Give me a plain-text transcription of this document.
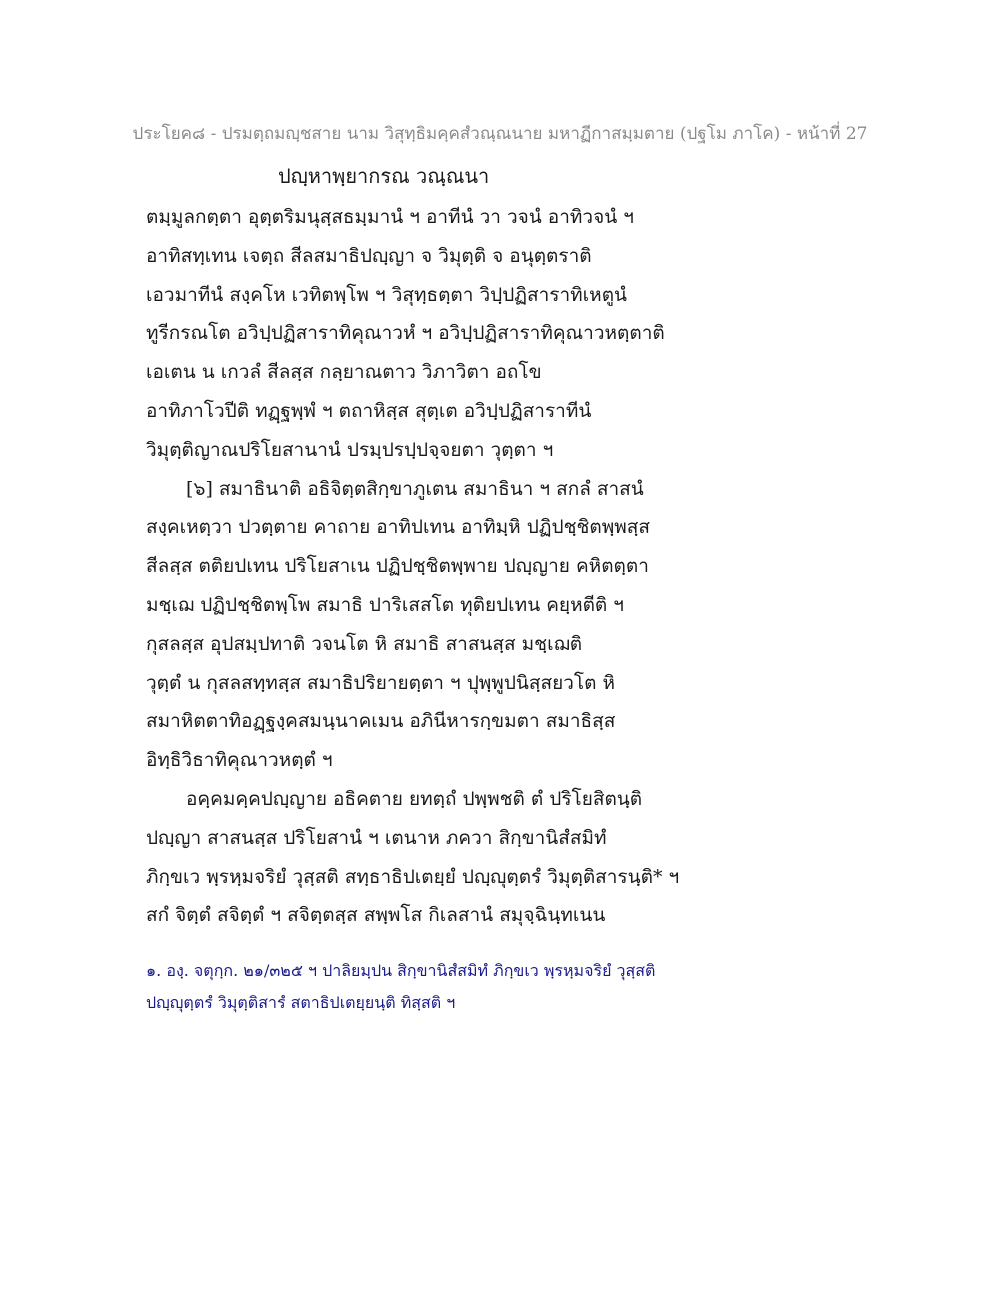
ประโยค๘ - ปรมตฺถมญฺชสาย นาม วิสุทฺธิมคฺคสํวณฺณนาย มหาฏีกาสมฺมตาย (ปฐโม ภาโค) - หน้าที่ 27
ปญฺหาพฺยากรณ วณฺณนา
ตมฺมูลกตฺตา อุตฺตริมนุสฺสธมฺมานํ ฯ อาทีนํ วา วจนํ อาทิวจนํ ฯ
อาทิสทฺเทน เจตฺถ สีลสมาธิปญฺญา จ วิมุตฺติ จ อนุตฺตราติ
เอวมาทีนํ สงฺคโห เวทิตพฺโพ ฯ วิสุทฺธตฺตา วิปฺปฏิสาราทิเหตูนํ
ทูรีกรณโต อวิปฺปฏิสาราทิคุณาวหํ ฯ อวิปฺปฏิสาราทิคุณาวหตฺตาติ
เอเตน น เกวลํ สีลสฺส กลฺยาณตาว วิภาวิตา อถโข
อาทิภาโวปีติ ทฏฺฐพฺพํ ฯ ตถาหิสฺส สุตฺเต อวิปฺปฏิสาราทีนํ
วิมุตฺติญาณปริโยสานานํ ปรมฺปรปฺปจฺจยตา วุตฺตา ฯ
[๖] สมาธินาติ อธิจิตฺตสิกฺขาภูเตน สมาธินา ฯ สกลํ สาสนํ
สงฺคเหตฺวา ปวตฺตาย คาถาย อาทิปเทน อาทิมฺหิ ปฏิปชฺชิตพฺพสฺส
สีลสฺส ตติยปเทน ปริโยสาเน ปฏิปชฺชิตพฺพาย ปญฺญาย คหิตตฺตา
มชฺเฌ ปฏิปชฺชิตพฺโพ สมาธิ ปาริเสสโต ทุติยปเทน คยฺหตีติ ฯ
กุสลสฺส อุปสมฺปทาติ วจนโต หิ สมาธิ สาสนสฺส มชฺเฌติ
วุตฺตํ น กุสลสทฺทสฺส สมาธิปริยายตฺตา ฯ ปุพฺพูปนิสฺสยวโต หิ
สมาหิตตาทิอฏฺฐงฺคสมนฺนาคเมน อภินีหารกฺขมตา สมาธิสฺส
อิทฺธิวิธาทิคุณาวหตฺตํ ฯ
อคฺคมคฺคปญฺญาย อธิคตาย ยทตฺถํ ปพฺพชติ ตํ ปริโยสิตนฺติ
ปญฺญา สาสนสฺส ปริโยสานํ ฯ เตนาห ภควา สิกฺขานิสํสมิทํ
ภิกฺขเว พฺรหฺมจริยํ วุสฺสติ สทฺธาธิปเตยฺยํ ปญฺญุตฺตรํ วิมุตฺติสารนฺติ* ฯ
สกํ จิตฺตํ สจิตฺตํ ฯ สจิตฺตสฺส สพฺพโส กิเลสานํ สมุจฺฉินฺทเนน
๑. องฺ. จตุกฺก. ๒๑/๓๒๕ ฯ ปาลิยมฺปน สิกฺขานิสํสมิทํ ภิกฺขเว พฺรหฺมจริยํ วุสฺสติ
ปญฺญุตฺตรํ วิมุตฺติสารํ สตาธิปเตยฺยนฺติ ทิสฺสติ ฯ
